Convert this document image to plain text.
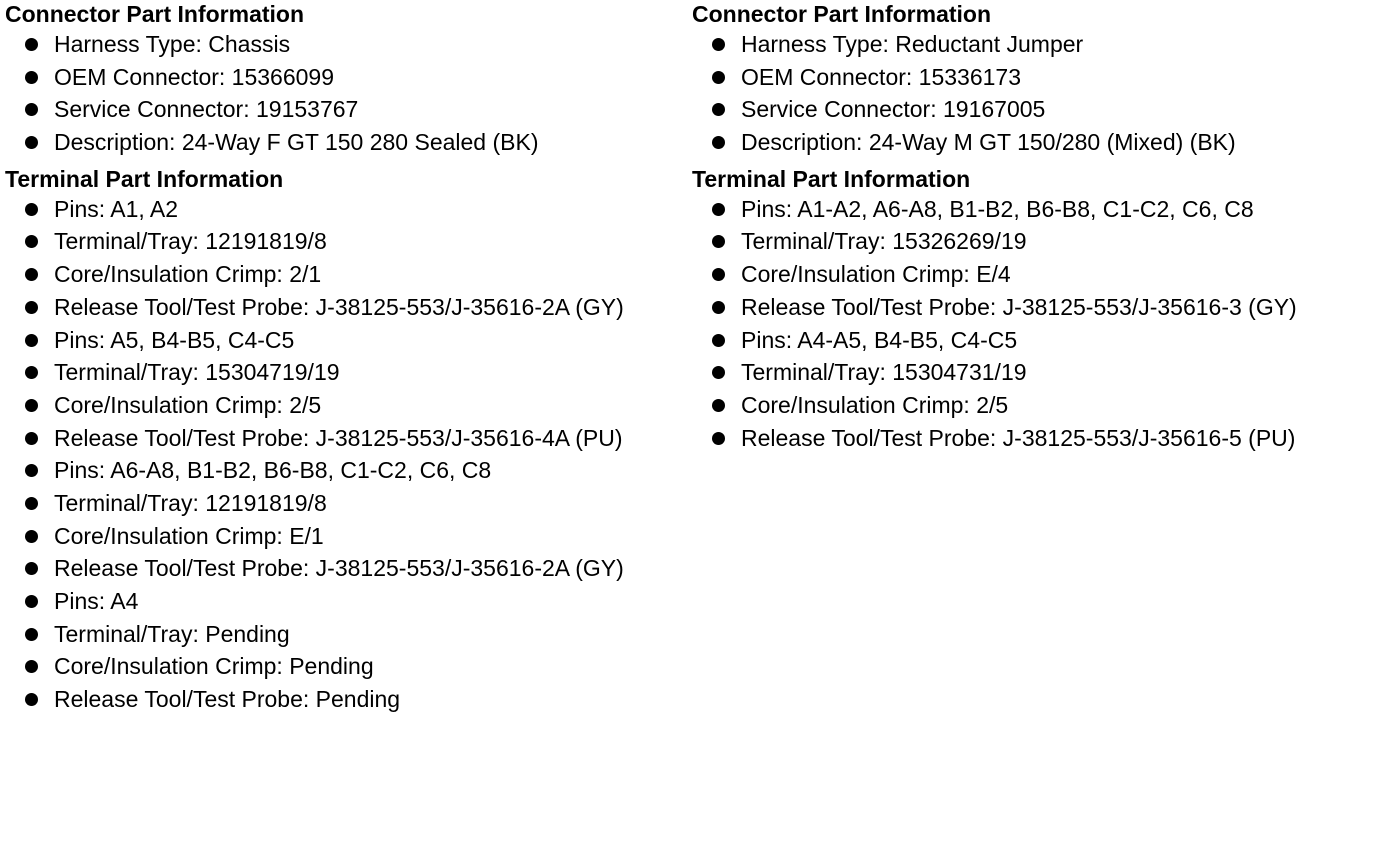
Connector Part Information
Harness Type: Chassis
OEM Connector: 15366099
Service Connector: 19153767
Description: 24-Way F GT 150 280 Sealed (BK)
Terminal Part Information
Pins: A1, A2
Terminal/Tray: 12191819/8
Core/Insulation Crimp: 2/1
Release Tool/Test Probe: J-38125-553/J-35616-2A (GY)
Pins: A5, B4-B5, C4-C5
Terminal/Tray: 15304719/19
Core/Insulation Crimp: 2/5
Release Tool/Test Probe: J-38125-553/J-35616-4A (PU)
Pins: A6-A8, B1-B2, B6-B8, C1-C2, C6, C8
Terminal/Tray: 12191819/8
Core/Insulation Crimp: E/1
Release Tool/Test Probe: J-38125-553/J-35616-2A (GY)
Pins: A4
Terminal/Tray: Pending
Core/Insulation Crimp: Pending
Release Tool/Test Probe: Pending
Connector Part Information
Harness Type: Reductant Jumper
OEM Connector: 15336173
Service Connector: 19167005
Description: 24-Way M GT 150/280 (Mixed) (BK)
Terminal Part Information
Pins: A1-A2, A6-A8, B1-B2, B6-B8, C1-C2, C6, C8
Terminal/Tray: 15326269/19
Core/Insulation Crimp: E/4
Release Tool/Test Probe: J-38125-553/J-35616-3 (GY)
Pins: A4-A5, B4-B5, C4-C5
Terminal/Tray: 15304731/19
Core/Insulation Crimp: 2/5
Release Tool/Test Probe: J-38125-553/J-35616-5 (PU)
